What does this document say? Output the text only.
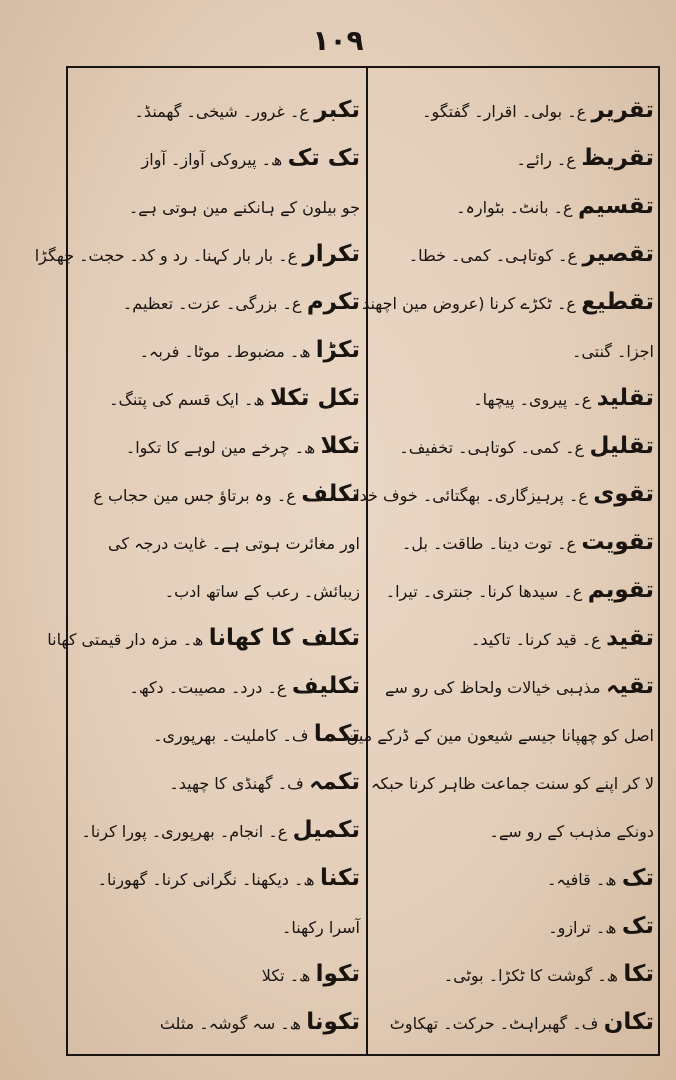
۱۰۹
تقریر ع۔ بولی۔ اقرار۔ گفتگو۔
تقریظ ع۔ رائے۔
تقسیم ع۔ بانٹ۔ بٹوارہ۔
تقصیر ع۔ کوتاہی۔ کمی۔ خطا۔
تقطیع ع۔ ٹکڑے کرنا (عروض مین اچھند
اجزا۔ گنتی۔
تقلید ع۔ پیروی۔ پیچھا۔
تقلیل ع۔ کمی۔ کوتاہی۔ تخفیف۔
تقوی ع۔ پرہیزگاری۔ بھگتائی۔ خوف خدا
تقویت ع۔ توت دینا۔ طاقت۔ بل۔
تقویم ع۔ سیدھا کرنا۔ جنتری۔ تیرا۔
تقید ع۔ قید کرنا۔ تاکید۔
تقیہ مذہبی خیالات ولحاظ کی رو سے
اصل کو چھپانا جیسے شیعون مین کے ڈرکے مین
لا کر اپنے کو سنت جماعت ظاہر کرنا حبکہ
دونکے مذہب کے رو سے۔
تک ھ۔ قافیہ۔
تک ھ۔ ترازو۔
تکا ھ۔ گوشت کا ٹکڑا۔ بوٹی۔
تکان ف۔ گھبراہٹ۔ حرکت۔ تھکاوٹ
تکبر ع۔ غرور۔ شیخی۔ گھمنڈ۔
تک تک ھ۔ پیروکی آواز۔ آواز
جو بیلون کے ہانکنے مین ہوتی ہے۔
تکرار ع۔ بار بار کہنا۔ رد و کد۔ حجت۔ جھگڑا
تکرم ع۔ بزرگی۔ عزت۔ تعظیم۔
تکڑا ھ۔ مضبوط۔ موٹا۔ فربہ۔
تکل تکلا ھ۔ ایک قسم کی پتنگ۔
تکلا ھ۔ چرخے مین لوہے کا تکوا۔
تکلف ع۔ وہ برتاؤ جس مین حجاب ع
اور مغائرت ہوتی ہے۔ غایت درجہ کی
زیبائش۔ رعب کے ساتھ ادب۔
تکلف کا کھانا ھ۔ مزہ دار قیمتی کھانا
تکلیف ع۔ درد۔ مصیبت۔ دکھ۔
تکما ف۔ کاملیت۔ بھرپوری۔
تکمہ ف۔ گھنڈی کا چھید۔
تکمیل ع۔ انجام۔ بھرپوری۔ پورا کرنا۔
تکنا ھ۔ دیکھنا۔ نگرانی کرنا۔ گھورنا۔
آسرا رکھنا۔
تکوا ھ۔ تکلا
تکونا ھ۔ سہ گوشہ۔ مثلث
